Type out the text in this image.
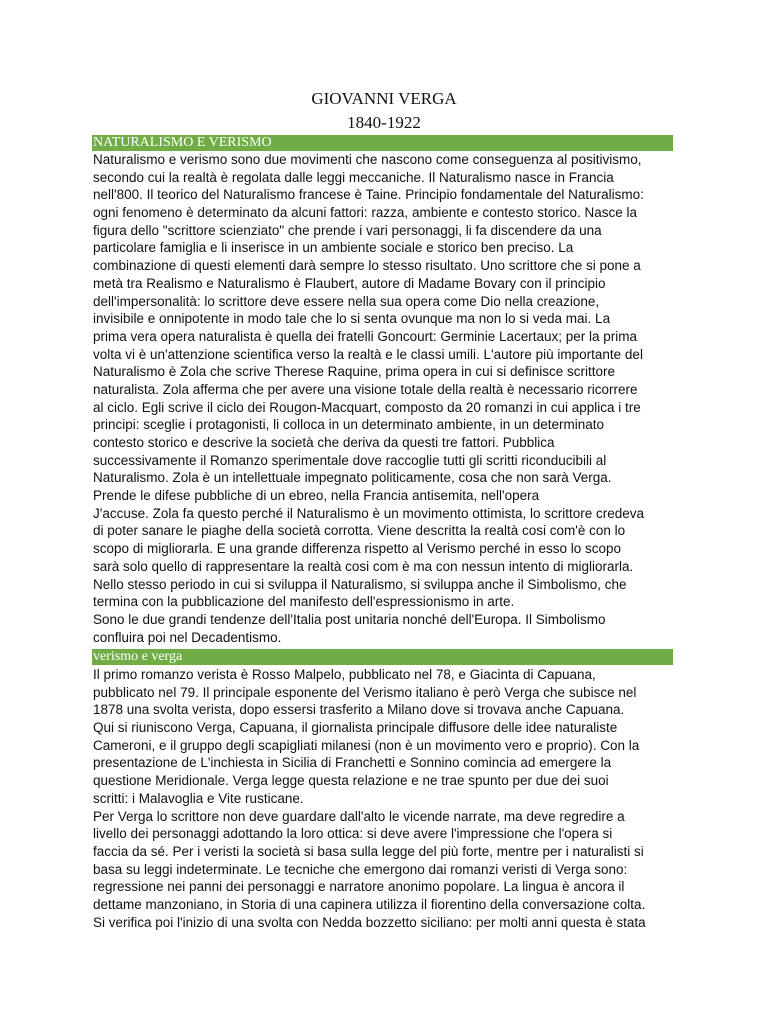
GIOVANNI VERGA
1840-1922
NATURALISMO E VERISMO
Naturalismo e verismo sono due movimenti che nascono come conseguenza al positivismo,
secondo cui la realtà è regolata dalle leggi meccaniche. Il Naturalismo nasce in Francia
nell'800. Il teorico del Naturalismo francese è Taine. Principio fondamentale del Naturalismo:
ogni fenomeno è determinato da alcuni fattori: razza, ambiente e contesto storico. Nasce la
figura dello "scrittore scienziato" che prende i vari personaggi, li fa discendere da una
particolare famiglia e li inserisce in un ambiente sociale e storico ben preciso. La
combinazione di questi elementi darà sempre lo stesso risultato. Uno scrittore che si pone a
metà tra Realismo e Naturalismo è Flaubert, autore di Madame Bovary con il principio
dell'impersonalità: lo scrittore deve essere nella sua opera come Dio nella creazione,
invisibile e onnipotente in modo tale che lo si senta ovunque ma non lo si veda mai. La
prima vera opera naturalista è quella dei fratelli Goncourt: Germinie Lacertaux; per la prima
volta vi è un'attenzione scientifica verso la realtà e le classi umili. L'autore più importante del
Naturalismo è Zola che scrive Therese Raquine, prima opera in cui si definisce scrittore
naturalista. Zola afferma che per avere una visione totale della realtà è necessario ricorrere
al ciclo. Egli scrive il ciclo dei Rougon-Macquart, composto da 20 romanzi in cui applica i tre
principi: sceglie i protagonisti, li colloca in un determinato ambiente, in un determinato
contesto storico e descrive la società che deriva da questi tre fattori. Pubblica
successivamente il Romanzo sperimentale dove raccoglie tutti gli scritti riconducibili al
Naturalismo. Zola è un intellettuale impegnato politicamente, cosa che non sarà Verga.
Prende le difese pubbliche di un ebreo, nella Francia antisemita, nell'opera
J'accuse. Zola fa questo perché il Naturalismo è un movimento ottimista, lo scrittore credeva
di poter sanare le piaghe della società corrotta. Viene descritta la realtà cosi com'è con lo
scopo di migliorarla. E una grande differenza rispetto al Verismo perché in esso lo scopo
sarà solo quello di rappresentare la realtà cosi com è ma con nessun intento di migliorarla.
Nello stesso periodo in cui si sviluppa il Naturalismo, si sviluppa anche il Simbolismo, che
termina con la pubblicazione del manifesto dell'espressionismo in arte.
Sono le due grandi tendenze dell'Italia post unitaria nonché dell'Europa. Il Simbolismo
confluira poi nel Decadentismo.
verismo e verga
Il primo romanzo verista è Rosso Malpelo, pubblicato nel 78, e Giacinta di Capuana,
pubblicato nel 79. Il principale esponente del Verismo italiano è però Verga che subisce nel
1878 una svolta verista, dopo essersi trasferito a Milano dove si trovava anche Capuana.
Qui si riuniscono Verga, Capuana, il giornalista principale diffusore delle idee naturaliste
Cameroni, e il gruppo degli scapigliati milanesi (non è un movimento vero e proprio). Con la
presentazione de L'inchiesta in Sicilia di Franchetti e Sonnino comincia ad emergere la
questione Meridionale. Verga legge questa relazione e ne trae spunto per due dei suoi
scritti: i Malavoglia e Vite rusticane.
Per Verga lo scrittore non deve guardare dall'alto le vicende narrate, ma deve regredire a
livello dei personaggi adottando la loro ottica: si deve avere l'impressione che l'opera si
faccia da sé. Per i veristi la società si basa sulla legge del più forte, mentre per i naturalisti si
basa su leggi indeterminate. Le tecniche che emergono dai romanzi veristi di Verga sono:
regressione nei panni dei personaggi e narratore anonimo popolare. La lingua è ancora il
dettame manzoniano, in Storia di una capinera utilizza il fiorentino della conversazione colta.
Si verifica poi l'inizio di una svolta con Nedda bozzetto siciliano: per molti anni questa è stata
